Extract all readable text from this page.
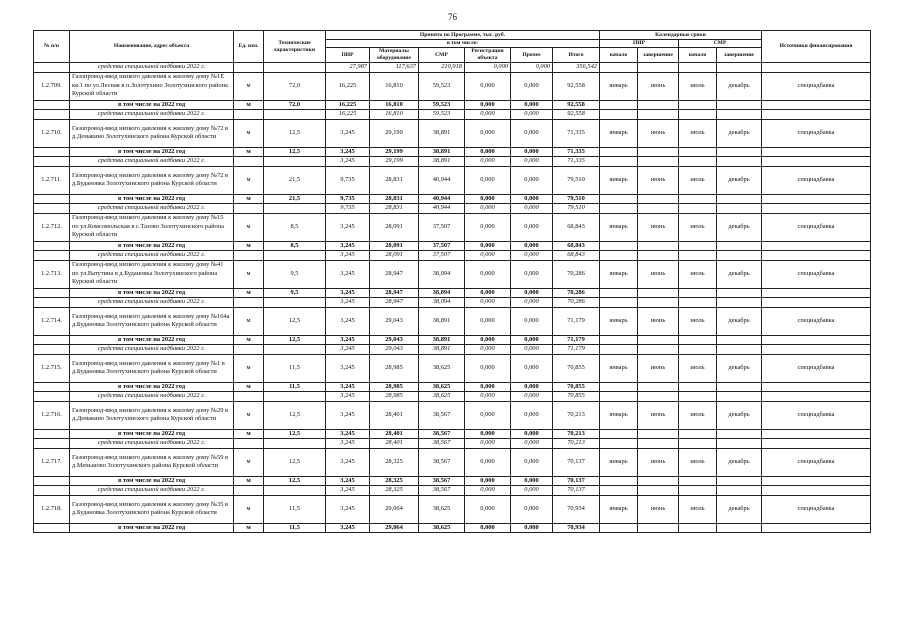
76
№ п/п	Наименование, адрес объекта	Ед. изм.	Технические характеристики	Принято по Программе, тыс. руб.						Календарные сроки				Источники финансирования
				в том числе:						ПИР		СМР		
				ПИР	Материалы оборудование	СМР	Регистрация объекта	Прочее	Итого	начало	завершение	начало	завершение	
	средства специальной надбавки 2022 г.			27,987	117,637	210,918	0,000	0,000	356,542					
1.2.709.	Газопровод-ввод низкого давления к жилому дому №1Е кв.1 по ул.Лесная в п.Золотухино Золотухинского района Курской области	м	72,0	16,225	16,810	59,523	0,000	0,000	92,558	январь	июнь	июль	декабрь	спецнадбавка
	в том числе на 2022 год	м	72,0	16,225	16,810	59,523	0,000	0,000	92,558					
	средства специальной надбавки 2022 г.			16,225	16,810	59,523	0,000	0,000	92,558					
1.2.710.	Газопровод-ввод низкого давления к жилому дому №72 в д.Демакино Золотухинского района Курской области	м	12,5	3,245	29,199	38,891	0,000	0,000	71,335	январь	июнь	июль	декабрь	спецнадбавка
	в том числе на 2022 год	м	12,5	3,245	29,199	38,891	0,000	0,000	71,335					
	средства специальной надбавки 2022 г.			3,245	29,199	38,891	0,000	0,000	71,335					
1.2.711.	Газопровод-ввод низкого давления к жилому дому №72 в д.Будановка Золотухинского района Курской области	м	21,5	9,735	28,831	40,944	0,000	0,000	79,510	январь	июнь	июль	декабрь	спецнадбавка
	в том числе на 2022 год	м	21,5	9,735	28,831	40,944	0,000	0,000	79,510					
	средства специальной надбавки 2022 г.			9,735	28,831	40,944	0,000	0,000	79,510					
1.2.712.	Газопровод-ввод низкого давления к жилому дому №15 по ул.Комсомольская в с.Тазово Золотухинского района Курской области	м	8,5	3,245	28,091	37,507	0,000	0,000	68,843	январь	июнь	июль	декабрь	спецнадбавка
	в том числе на 2022 год	м	8,5	3,245	28,091	37,507	0,000	0,000	68,843					
	средства специальной надбавки 2022 г.			3,245	28,091	37,507	0,000	0,000	68,843					
1.2.713.	Газопровод-ввод низкого давления к жилому дому №41 по ул.Ватутина в д.Будановка Золотухинского района Курской области	м	9,5	3,245	28,947	38,094	0,000	0,000	70,286	январь	июнь	июль	декабрь	спецнадбавка
	в том числе на 2022 год	м	9,5	3,245	28,947	38,094	0,000	0,000	70,286					
	средства специальной надбавки 2022 г.			3,245	28,947	38,094	0,000	0,000	70,286					
1.2.714.	Газопровод-ввод низкого давления к жилому дому №164а д.Будановка Золотухинского района Курской области	м	12,5	3,245	29,043	38,891	0,000	0,000	71,179	январь	июнь	июль	декабрь	спецнадбавка
	в том числе на 2022 год	м	12,5	3,245	29,043	38,891	0,000	0,000	71,179					
	средства специальной надбавки 2022 г.			3,245	29,043	38,891	0,000	0,000	71,179					
1.2.715.	Газопровод-ввод низкого давления к жилому дому №1 в д.Будановка Золотухинского района Курской области	м	11,5	3,245	28,985	38,625	0,000	0,000	70,855	январь	июнь	июль	декабрь	спецнадбавка
	в том числе на 2022 год	м	11,5	3,245	28,985	38,625	0,000	0,000	70,855					
	средства специальной надбавки 2022 г.			3,245	28,985	38,625	0,000	0,000	70,855					
1.2.716.	Газопровод-ввод низкого давления к жилому дому №29 в д.Демакино Золотухинского района Курской области	м	12,5	3,245	28,401	38,567	0,000	0,000	70,213	январь	июнь	июль	декабрь	спецнадбавка
	в том числе на 2022 год	м	12,5	3,245	28,401	38,567	0,000	0,000	70,213					
	средства специальной надбавки 2022 г.			3,245	28,401	38,567	0,000	0,000	70,213					
1.2.717.	Газопровод-ввод низкого давления к жилому дому №59 в д.Меньшово Золотухинского района Курской области	м	12,5	3,245	28,325	38,567	0,000	0,000	70,137	январь	июнь	июль	декабрь	спецнадбавка
	в том числе на 2022 год	м	12,5	3,245	28,325	38,567	0,000	0,000	70,137					
	средства специальной надбавки 2022 г.			3,245	28,325	38,567	0,000	0,000	70,137					
1.2.718.	Газопровод-ввод низкого давления к жилому дому №35 в д.Будановка Золотухинского района Курской области	м	11,5	3,245	29,064	38,625	0,000	0,000	70,934	январь	июнь	июль	декабрь	спецнадбавка
	в том числе на 2022 год	м	11,5	3,245	29,064	38,625	0,000	0,000	70,934					
